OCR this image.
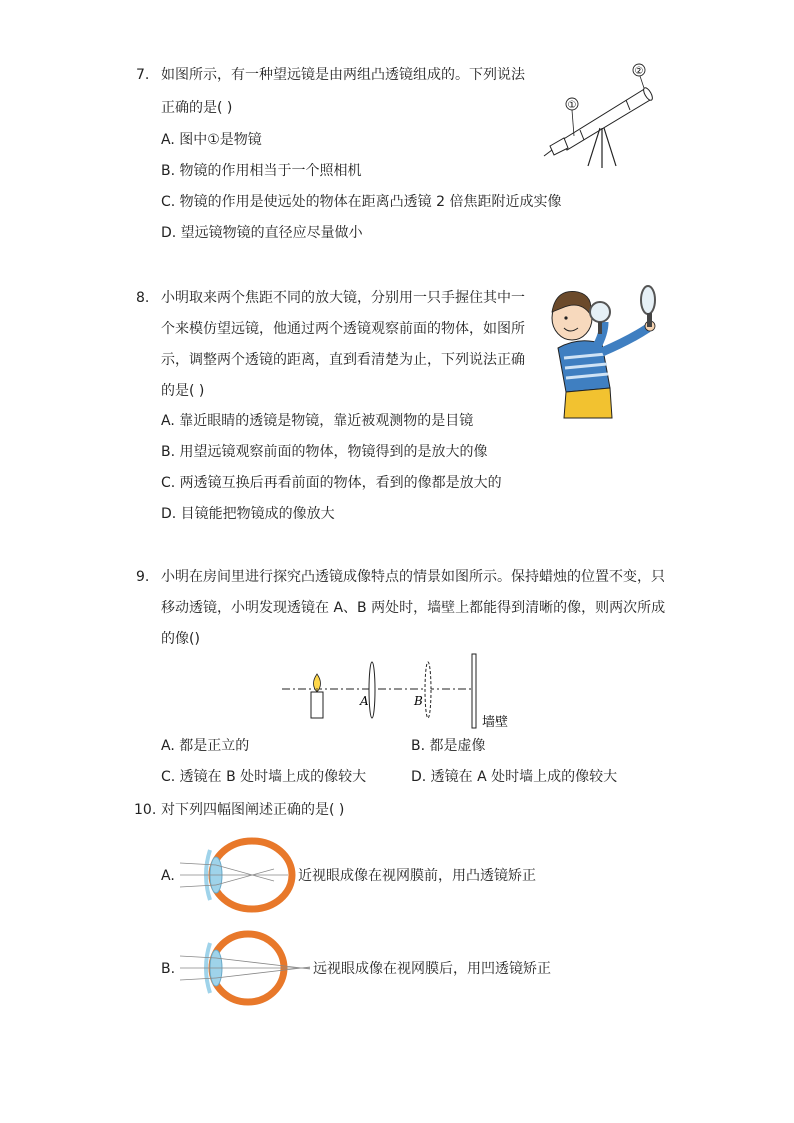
7. 如图所示，有一种望远镜是由两组凸透镜组成的。下列说法
正确的是( )
A. 图中①是物镜
B. 物镜的作用相当于一个照相机
C. 物镜的作用是使远处的物体在距离凸透镜 2 倍焦距附近成实像
D. 望远镜物镜的直径应尽量做小
①
②
8. 小明取来两个焦距不同的放大镜，分别用一只手握住其中一
个来模仿望远镜，他通过两个透镜观察前面的物体，如图所
示，调整两个透镜的距离，直到看清楚为止，下列说法正确
的是( )
A. 靠近眼睛的透镜是物镜，靠近被观测物的是目镜
B. 用望远镜观察前面的物体，物镜得到的是放大的像
C. 两透镜互换后再看前面的物体，看到的像都是放大的
D. 目镜能把物镜成的像放大
9. 小明在房间里进行探究凸透镜成像特点的情景如图所示。保持蜡烛的位置不变，只
移动透镜，小明发现透镜在 A、B 两处时，墙壁上都能得到清晰的像，则两次所成
的像()
A	B
墙壁
A. 都是正立的	B. 都是虚像
C. 透镜在 B 处时墙上成的像较大	D. 透镜在 A 处时墙上成的像较大
10. 对下列四幅图阐述正确的是( )
A.	近视眼成像在视网膜前，用凸透镜矫正
B.	远视眼成像在视网膜后，用凹透镜矫正
